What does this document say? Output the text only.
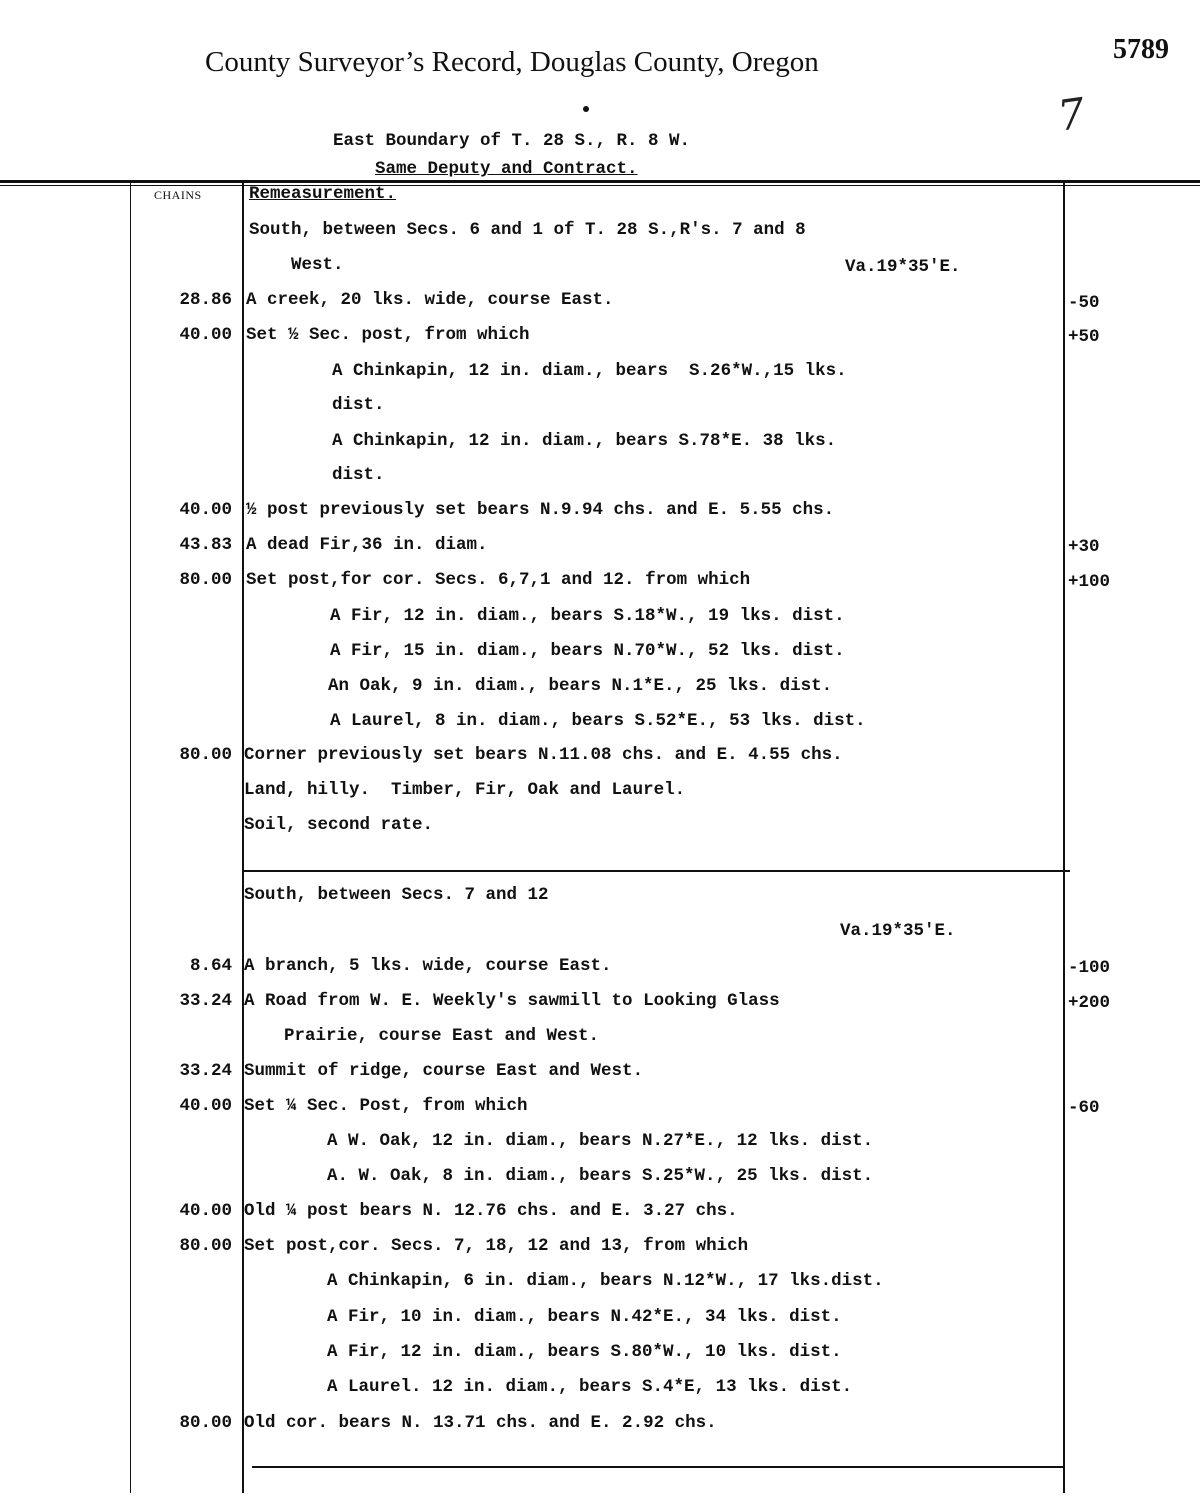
County Surveyor’s Record, Douglas County, Oregon	5789
7
East Boundary of T. 28 S., R. 8 W.
Same Deputy and Contract.
CHAINS	Remeasurement.
South, between Secs. 6 and 1 of T. 28 S.,R's. 7 and 8
West.	Va.19*35'E.
28.86 A creek, 20 lks. wide, course East.	-50
40.00 Set ½ Sec. post, from which	+50
A Chinkapin, 12 in. diam., bears  S.26*W.,15 lks.
dist.
A Chinkapin, 12 in. diam., bears S.78*E. 38 lks.
dist.
40.00 ½ post previously set bears N.9.94 chs. and E. 5.55 chs.
43.83 A dead Fir,36 in. diam.	+30
80.00 Set post,for cor. Secs. 6,7,1 and 12. from which	+100
A Fir, 12 in. diam., bears S.18*W., 19 lks. dist.
A Fir, 15 in. diam., bears N.70*W., 52 lks. dist.
An Oak, 9 in. diam., bears N.1*E., 25 lks. dist.
A Laurel, 8 in. diam., bears S.52*E., 53 lks. dist.
80.00 Corner previously set bears N.11.08 chs. and E. 4.55 chs.
Land, hilly.  Timber, Fir, Oak and Laurel.
Soil, second rate.
South, between Secs. 7 and 12
Va.19*35'E.
8.64 A branch, 5 lks. wide, course East.	-100
33.24 A Road from W. E. Weekly's sawmill to Looking Glass	+200
Prairie, course East and West.
33.24 Summit of ridge, course East and West.
40.00 Set ¼ Sec. Post, from which	-60
A W. Oak, 12 in. diam., bears N.27*E., 12 lks. dist.
A. W. Oak, 8 in. diam., bears S.25*W., 25 lks. dist.
40.00 Old ¼ post bears N. 12.76 chs. and E. 3.27 chs.
80.00 Set post,cor. Secs. 7, 18, 12 and 13, from which
A Chinkapin, 6 in. diam., bears N.12*W., 17 lks.dist.
A Fir, 10 in. diam., bears N.42*E., 34 lks. dist.
A Fir, 12 in. diam., bears S.80*W., 10 lks. dist.
A Laurel. 12 in. diam., bears S.4*E, 13 lks. dist.
80.00 Old cor. bears N. 13.71 chs. and E. 2.92 chs.
